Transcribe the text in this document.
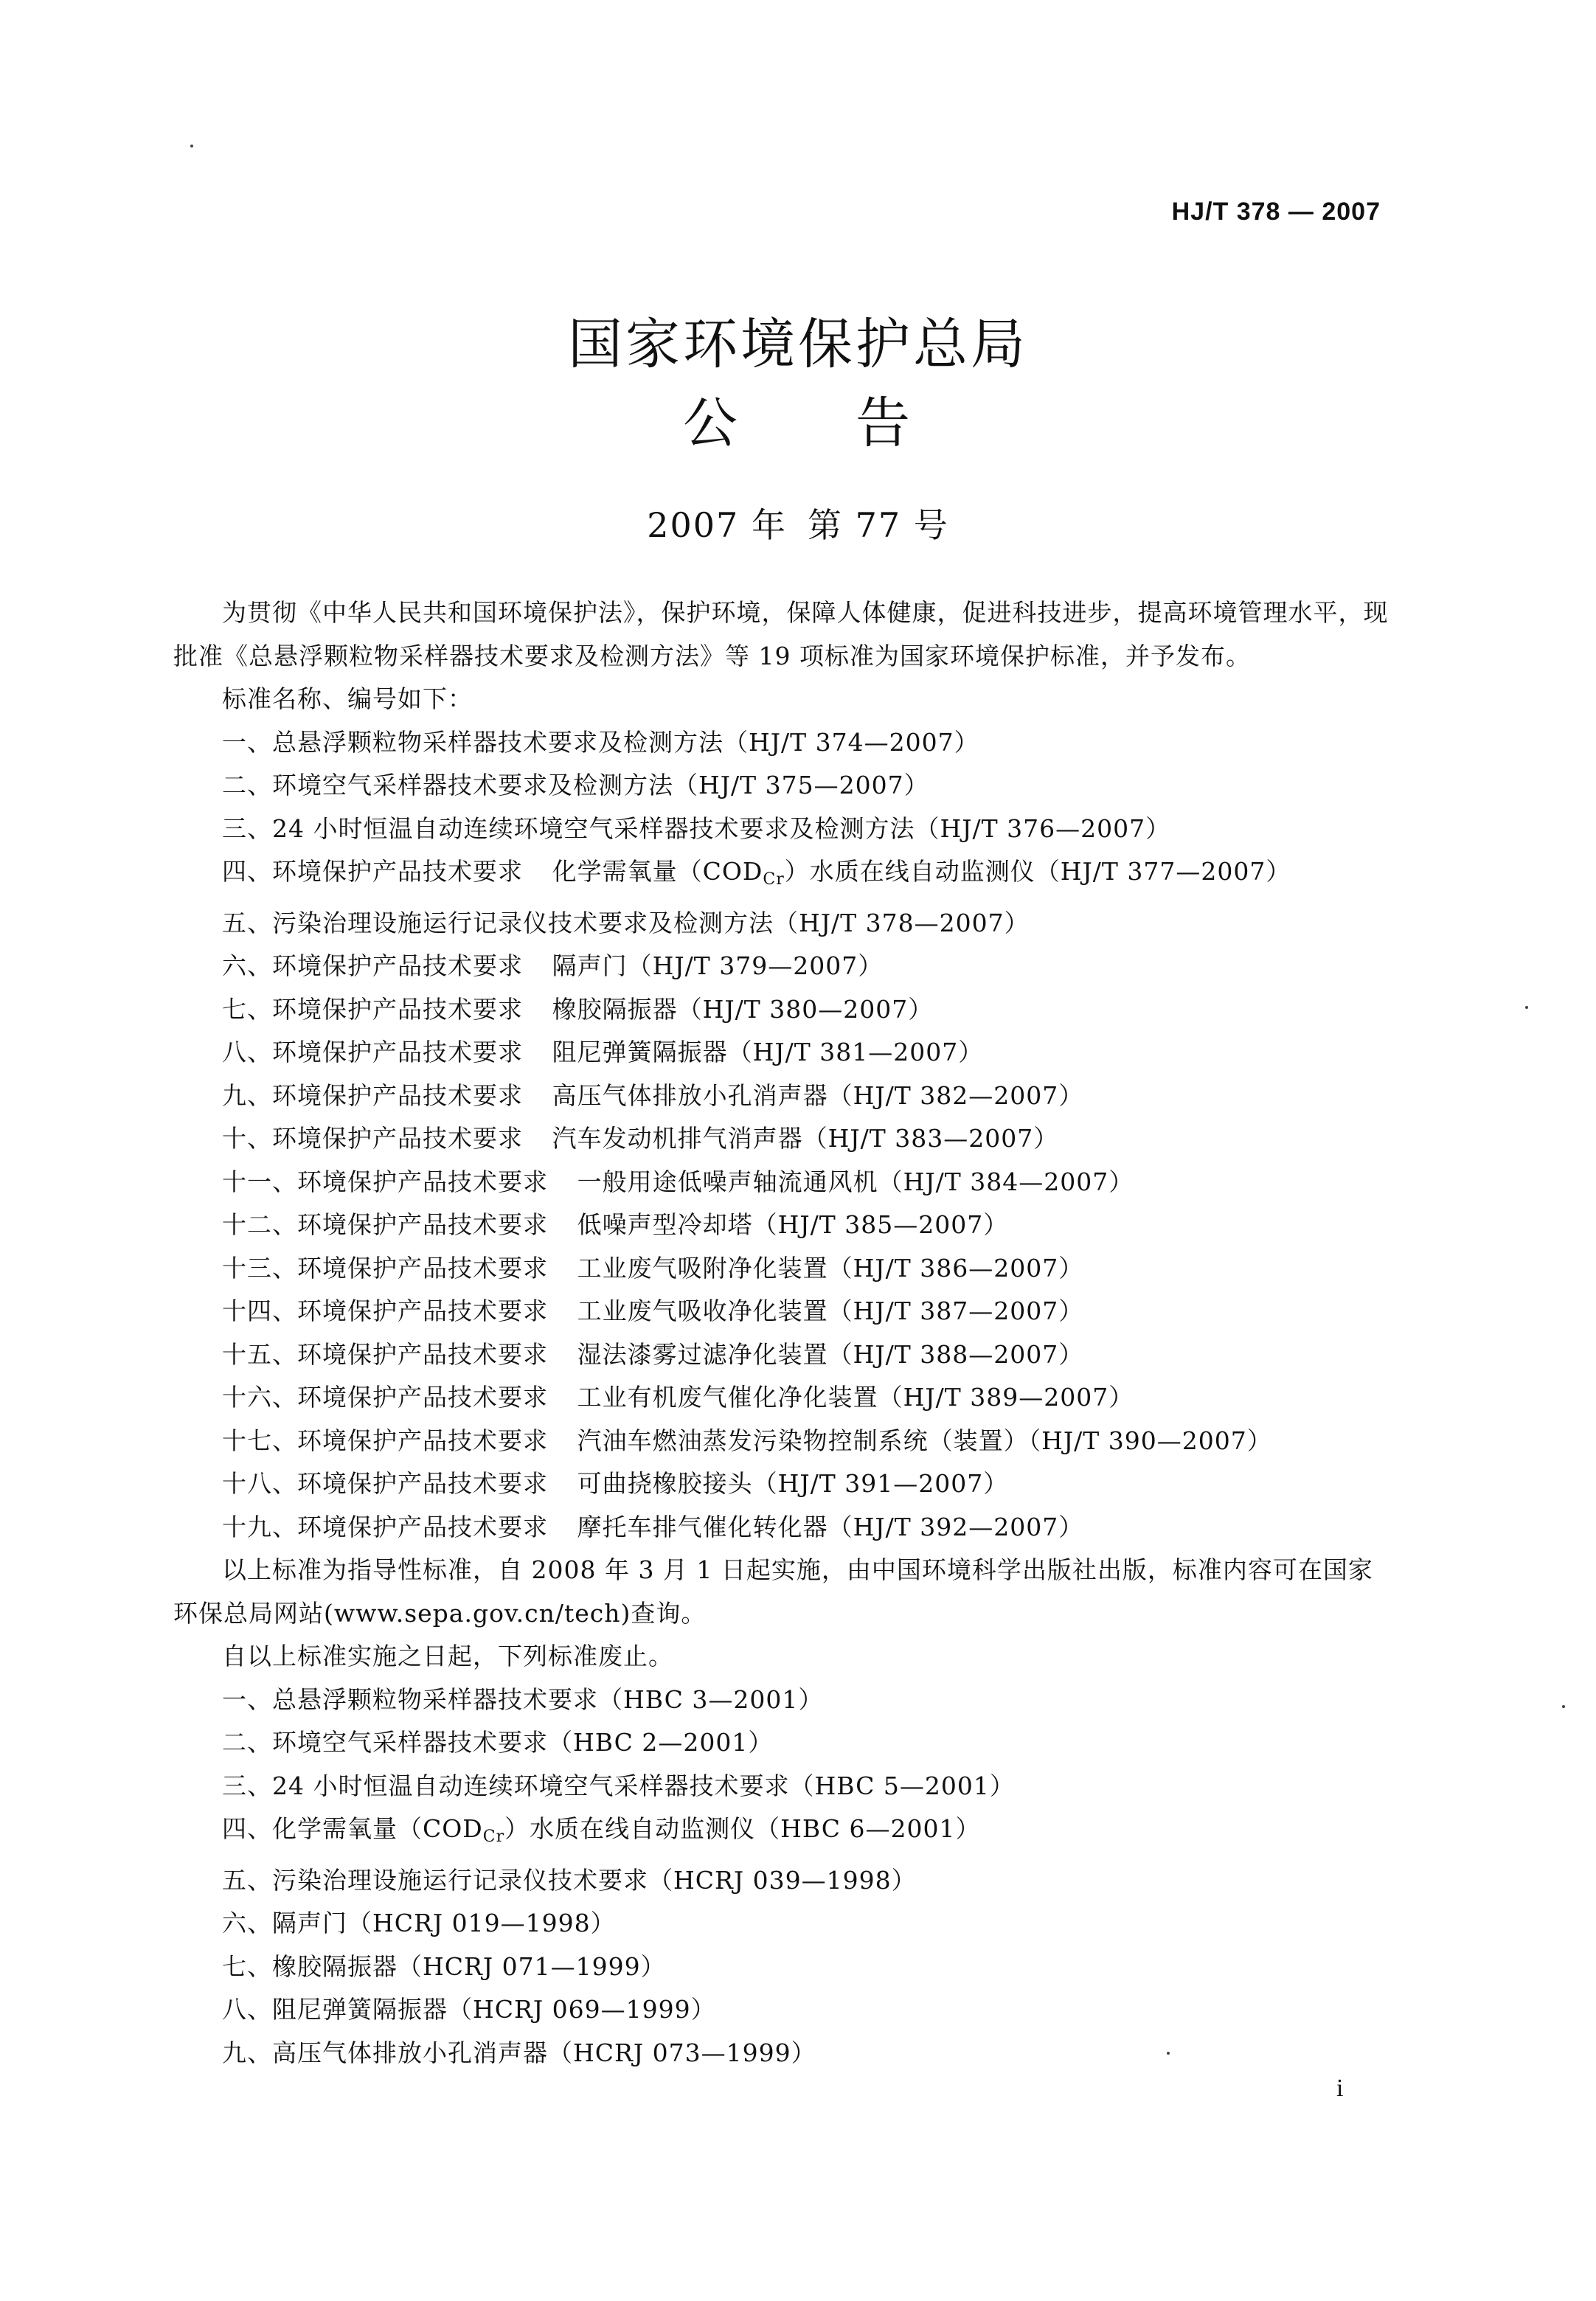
HJ/T 378 — 2007
国家环境保护总局
公 告
2007 年 第 77 号

为贯彻《中华人民共和国环境保护法》，保护环境，保障人体健康，促进科技进步，提高环境管理水平，现批准《总悬浮颗粒物采样器技术要求及检测方法》等 19 项标准为国家环境保护标准，并予发布。

标准名称、编号如下：

一、总悬浮颗粒物采样器技术要求及检测方法（HJ/T 374—2007）

二、环境空气采样器技术要求及检测方法（HJ/T 375—2007）

三、24 小时恒温自动连续环境空气采样器技术要求及检测方法（HJ/T 376—2007）

四、环境保护产品技术要求 化学需氧量$(COD_{Cr})$水质在线自动监测仪（HJ/T 377—2007）

五、污染治理设施运行记录仪技术要求及检测方法（HJ/T 378—2007）

六、环境保护产品技术要求 隔声门（HJ/T 379—2007）

七、环境保护产品技术要求 橡胶隔振器（HJ/T 380—2007）

八、环境保护产品技术要求 阻尼弹簧隔振器（HJ/T 381—2007）

九、环境保护产品技术要求 高压气体排放小孔消声器（HJ/T 382—2007）

十、环境保护产品技术要求 汽车发动机排气消声器（HJ/T 383—2007）

十一、环境保护产品技术要求 一般用途低噪声轴流通风机（HJ/T 384—2007）

十二、环境保护产品技术要求 低噪声型冷却塔（HJ/T 385—2007）

十三、环境保护产品技术要求 工业废气吸附净化装置（HJ/T 386—2007）

十四、环境保护产品技术要求 工业废气吸收净化装置（HJ/T 387—2007）

十五、环境保护产品技术要求 湿法漆雾过滤净化装置（HJ/T 388—2007）

十六、环境保护产品技术要求 工业有机废气催化净化装置（HJ/T 389—2007）

十七、环境保护产品技术要求 汽油车燃油蒸发污染物控制系统（装置）（HJ/T 390—2007）

十八、环境保护产品技术要求 可曲挠橡胶接头（HJ/T 391—2007）

十九、环境保护产品技术要求 摩托车排气催化转化器（HJ/T 392—2007）

以上标准为指导性标准，自 2008 年 3 月 1 日起实施，由中国环境科学出版社出版，标准内容可在国家环保总局网站(www.sepa.gov.cn/tech)查询。

自以上标准实施之日起，下列标准废止。

一、总悬浮颗粒物采样器技术要求（HBC 3—2001）

二、环境空气采样器技术要求（HBC 2—2001）

三、24 小时恒温自动连续环境空气采样器技术要求（HBC 5—2001）

四、化学需氧量$(COD_{Cr})$水质在线自动监测仪（HBC 6—2001）

五、污染治理设施运行记录仪技术要求（HCRJ 039—1998）

六、隔声门（HCRJ 019—1998）

七、橡胶隔振器（HCRJ 071—1999）

八、阻尼弹簧隔振器（HCRJ 069—1999）

九、高压气体排放小孔消声器（HCRJ 073—1999）

i
